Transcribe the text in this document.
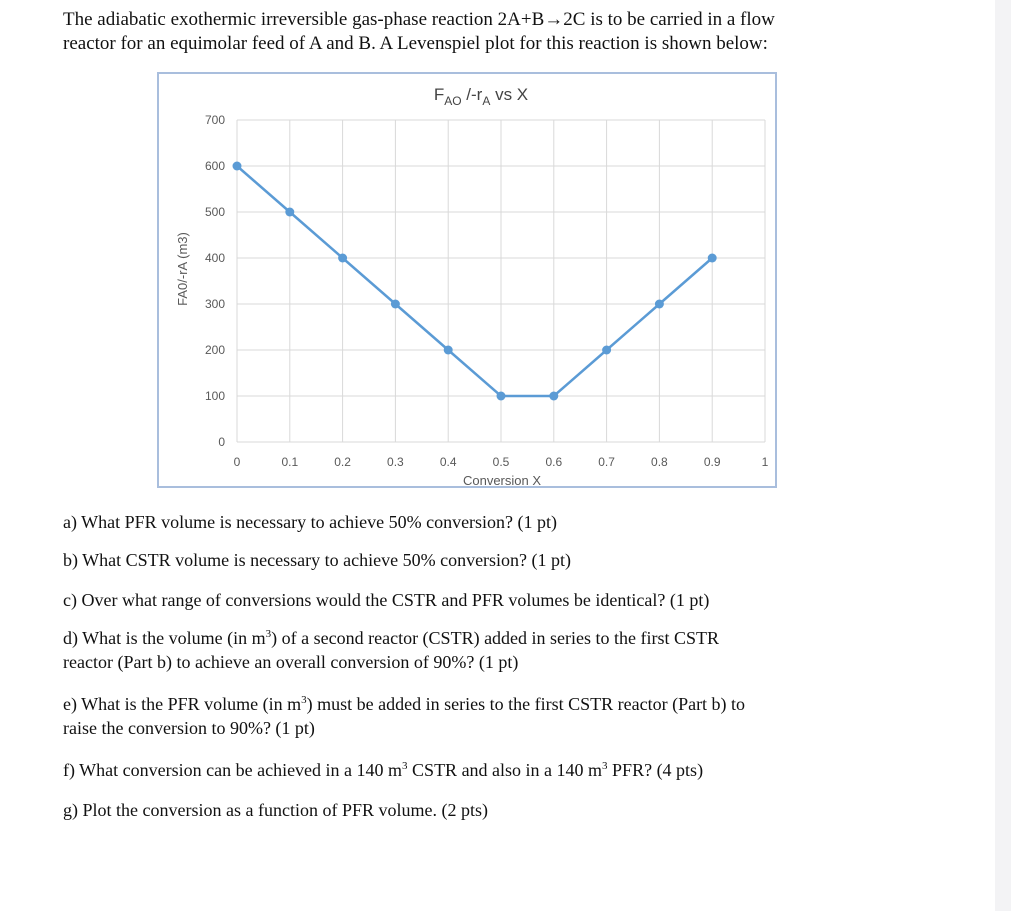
The adiabatic exothermic irreversible gas-phase reaction 2A+B→2C is to be carried in a flow
reactor for an equimolar feed of A and B. A Levenspiel plot for this reaction is shown below:
0
100
200
300
400
500
600
700
0	0.1	0.2	0.3	0.4	0.5	0.6	0.7	0.8	0.9	1
$F_{AO}$ $/-r_A$ vs X
Conversion X
FA0/-rA (m3)
a) What PFR volume is necessary to achieve 50% conversion? (1 pt)
b) What CSTR volume is necessary to achieve 50% conversion? (1 pt)
c) Over what range of conversions would the CSTR and PFR volumes be identical? (1 pt)
d) What is the volume (in $m^3$) of a second reactor (CSTR) added in series to the first CSTR
reactor (Part b) to achieve an overall conversion of 90%? (1 pt)
e) What is the PFR volume (in $m^3$) must be added in series to the first CSTR reactor (Part b) to
raise the conversion to 90%? (1 pt)
f) What conversion can be achieved in a 140 $m^3$ CSTR and also in a 140 $m^3$ PFR? (4 pts)
g) Plot the conversion as a function of PFR volume. (2 pts)
